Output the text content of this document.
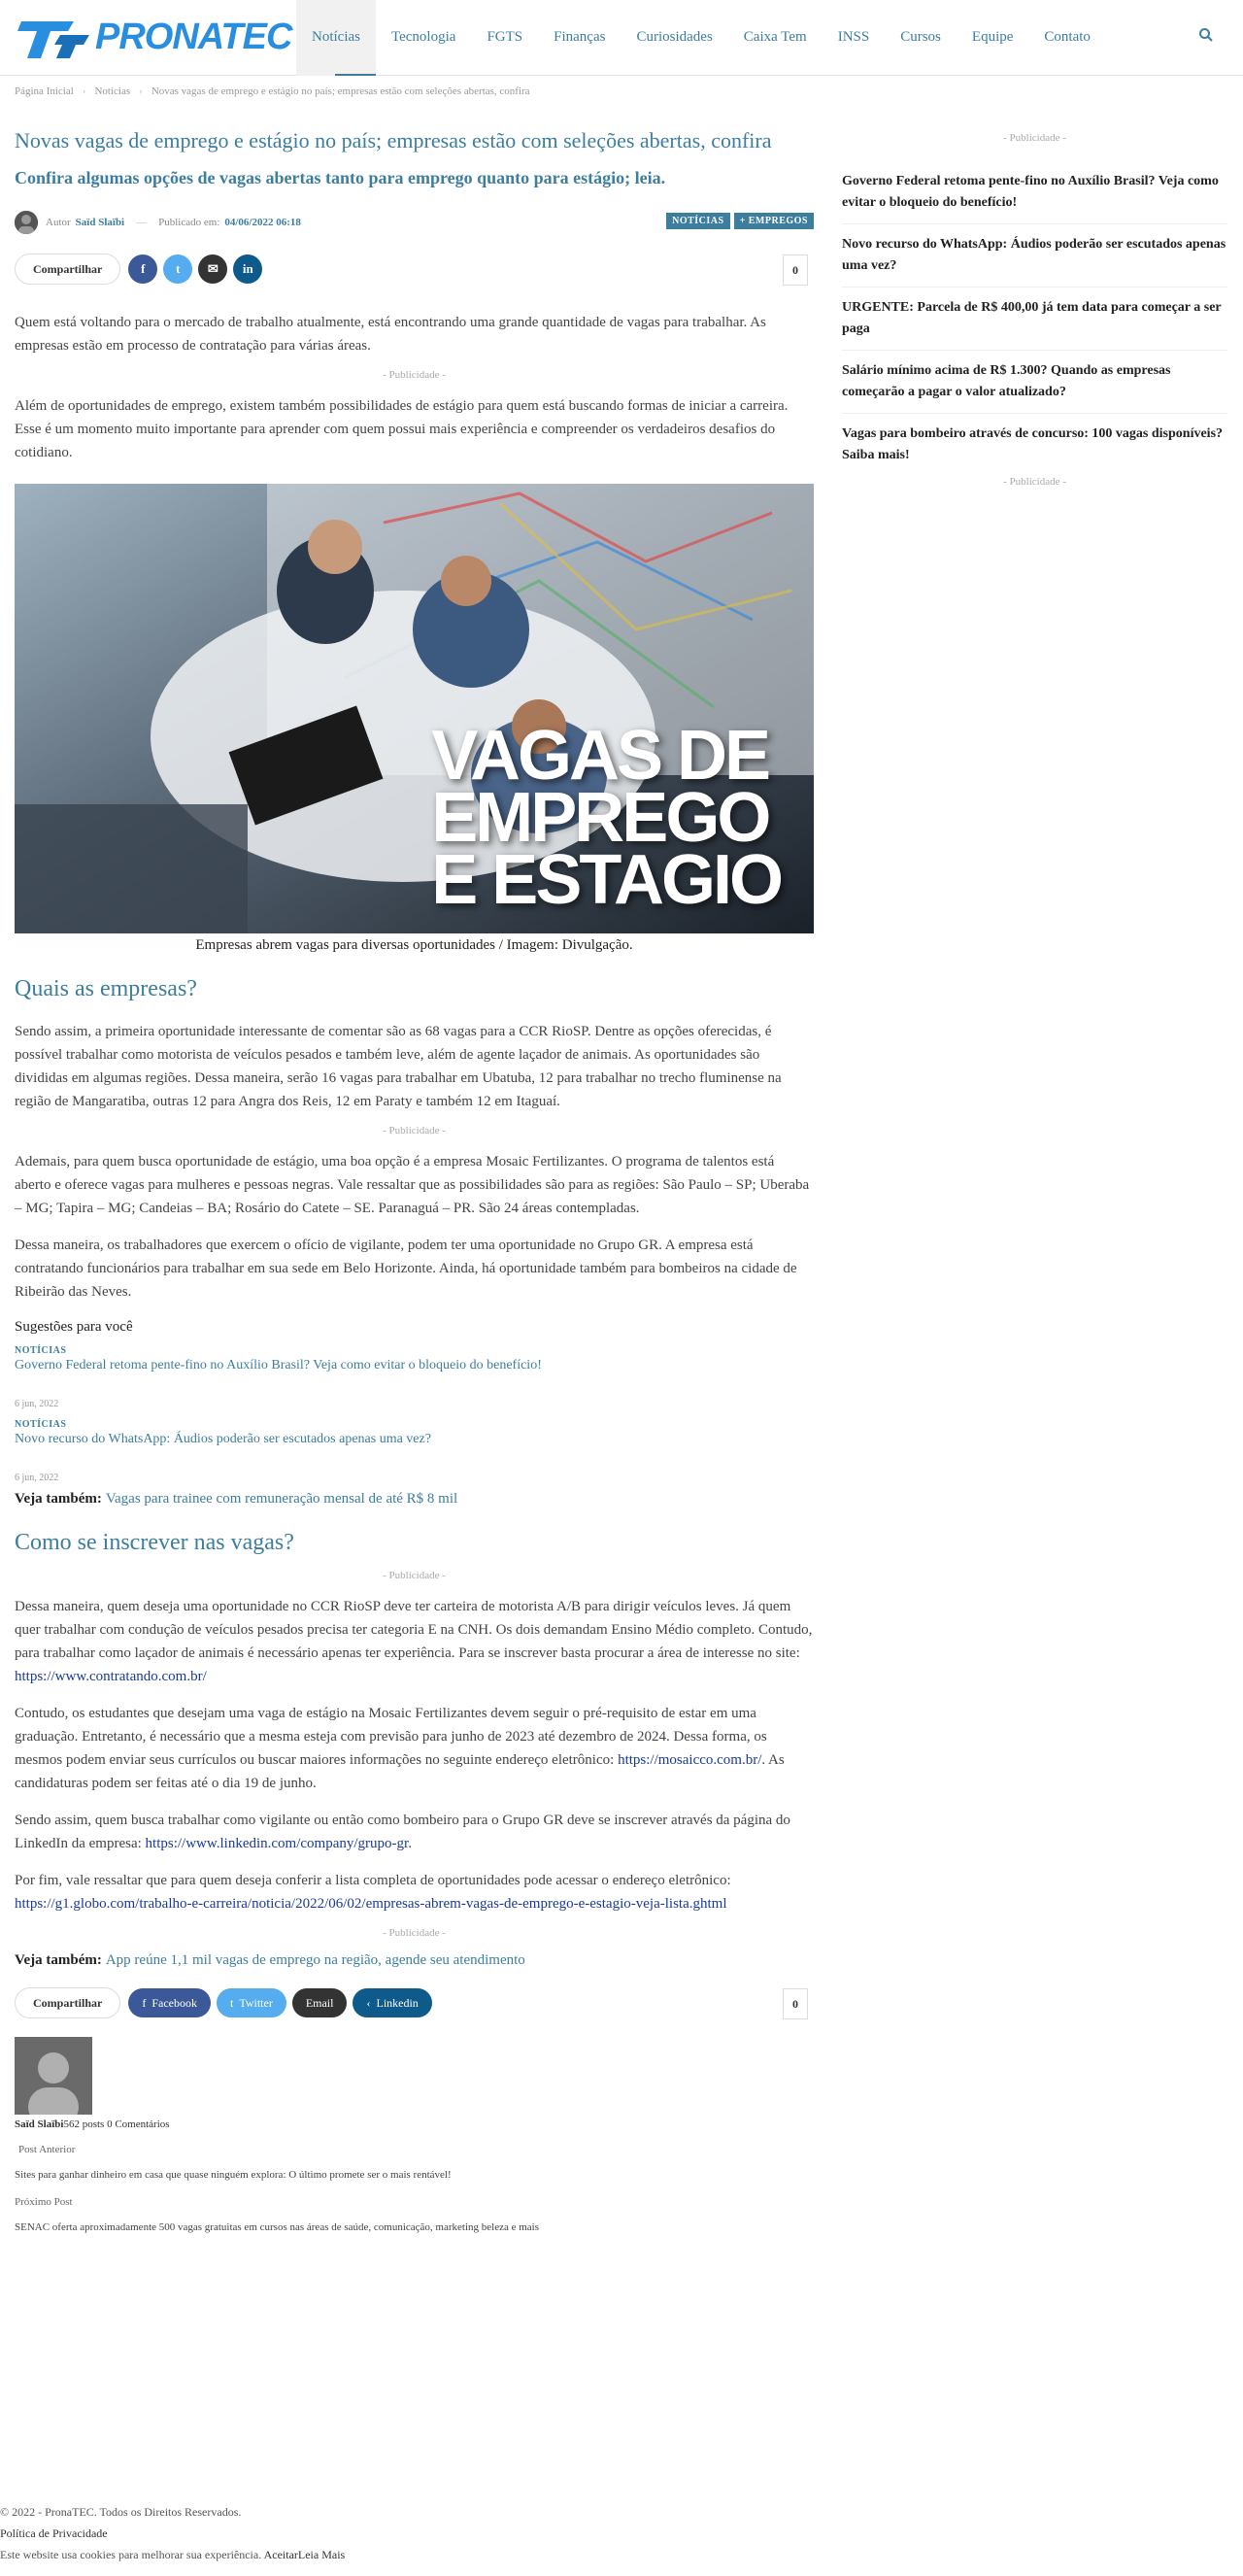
PRONATEC	Notícias	Tecnologia	FGTS	Finanças	Curiosidades	Caixa Tem	INSS	Cursos	Equipe	Contato
Página Inicial › Notícias › Novas vagas de emprego e estágio no país; empresas estão com seleções abertas, confira
Novas vagas de emprego e estágio no país; empresas estão com seleções abertas, confira
Confira algumas opções de vagas abertas tanto para emprego quanto para estágio; leia.
Autor Saïd Slaïbi — Publicado em : 04/06/2022 06:18	NOTÍCIAS	+ EMPREGOS
Compartilhar	f t ✉ in	0

Quem está voltando para o mercado de trabalho atualmente, está encontrando uma grande quantidade de vagas para trabalhar. As empresas estão em processo de contratação para várias áreas.

- Publicidade -

Além de oportunidades de emprego, existem também possibilidades de estágio para quem está buscando formas de iniciar a carreira. Esse é um momento muito importante para aprender com quem possui mais experiência e compreender os verdadeiros desafios do cotidiano.

VAGAS DE
EMPREGO
E ESTAGIO
Empresas abrem vagas para diversas oportunidades / Imagem: Divulgação.
Quais as empresas?

Sendo assim, a primeira oportunidade interessante de comentar são as 68 vagas para a CCR RioSP. Dentre as opções oferecidas, é possível trabalhar como motorista de veículos pesados e também leve, além de agente laçador de animais. As oportunidades são divididas em algumas regiões. Dessa maneira, serão 16 vagas para trabalhar em Ubatuba, 12 para trabalhar no trecho fluminense na região de Mangaratiba, outras 12 para Angra dos Reis, 12 em Paraty e também 12 em Itaguaí.

- Publicidade -

Ademais, para quem busca oportunidade de estágio, uma boa opção é a empresa Mosaic Fertilizantes. O programa de talentos está aberto e oferece vagas para mulheres e pessoas negras. Vale ressaltar que as possibilidades são para as regiões: São Paulo – SP; Uberaba – MG; Tapira – MG; Candeias – BA; Rosário do Catete – SE. Paranaguá – PR. São 24 áreas contempladas.

Dessa maneira, os trabalhadores que exercem o ofício de vigilante, podem ter uma oportunidade no Grupo GR. A empresa está contratando funcionários para trabalhar em sua sede em Belo Horizonte. Ainda, há oportunidade também para bombeiros na cidade de Ribeirão das Neves.

Sugestões para você
NOTÍCIAS
Governo Federal retoma pente-fino no Auxílio Brasil? Veja como evitar o bloqueio do benefício!
6 jun, 2022
NOTÍCIAS
Novo recurso do WhatsApp: Áudios poderão ser escutados apenas uma vez?
6 jun, 2022
Veja também: Vagas para trainee com remuneração mensal de até R$ 8 mil
Como se inscrever nas vagas?
- Publicidade -

Dessa maneira, quem deseja uma oportunidade no CCR RioSP deve ter carteira de motorista A/B para dirigir veículos leves. Já quem quer trabalhar com condução de veículos pesados precisa ter categoria E na CNH. Os dois demandam Ensino Médio completo. Contudo, para trabalhar como laçador de animais é necessário apenas ter experiência. Para se inscrever basta procurar a área de interesse no site: https://www.contratando.com.br/

Contudo, os estudantes que desejam uma vaga de estágio na Mosaic Fertilizantes devem seguir o pré-requisito de estar em uma graduação. Entretanto, é necessário que a mesma esteja com previsão para junho de 2023 até dezembro de 2024. Dessa forma, os mesmos podem enviar seus currículos ou buscar maiores informações no seguinte endereço eletrônico: https://mosaicco.com.br/. As candidaturas podem ser feitas até o dia 19 de junho.

Sendo assim, quem busca trabalhar como vigilante ou então como bombeiro para o Grupo GR deve se inscrever através da página do LinkedIn da empresa: https://www.linkedin.com/company/grupo-gr.

Por fim, vale ressaltar que para quem deseja conferir a lista completa de oportunidades pode acessar o endereço eletrônico: https://g1.globo.com/trabalho-e-carreira/noticia/2022/06/02/empresas-abrem-vagas-de-emprego-e-estagio-veja-lista.ghtml

- Publicidade -
Veja também: App reúne 1,1 mil vagas de emprego na região, agende seu atendimento
Compartilhar	f Facebook	t Twitter	Email	‹ Linkedin	0
Saïd Slaïbi562 posts 0 Comentários
Post Anterior
Sites para ganhar dinheiro em casa que quase ninguém explora: O último promete ser o mais rentável!
Próximo Post
SENAC oferta aproximadamente 500 vagas gratuitas em cursos nas áreas de saúde, comunicação, marketing beleza e mais
- Publicidade -
Governo Federal retoma pente-fino no Auxílio Brasil? Veja como evitar o bloqueio do benefício!
Novo recurso do WhatsApp: Áudios poderão ser escutados apenas uma vez?
URGENTE: Parcela de R$ 400,00 já tem data para começar a ser paga
Salário mínimo acima de R$ 1.300? Quando as empresas começarão a pagar o valor atualizado?
Vagas para bombeiro através de concurso: 100 vagas disponíveis? Saiba mais!
- Publicidade -
© 2022 - PronaTEC. Todos os Direitos Reservados.
Política de Privacidade
Este website usa cookies para melhorar sua experiência. AceitarLeia Mais
